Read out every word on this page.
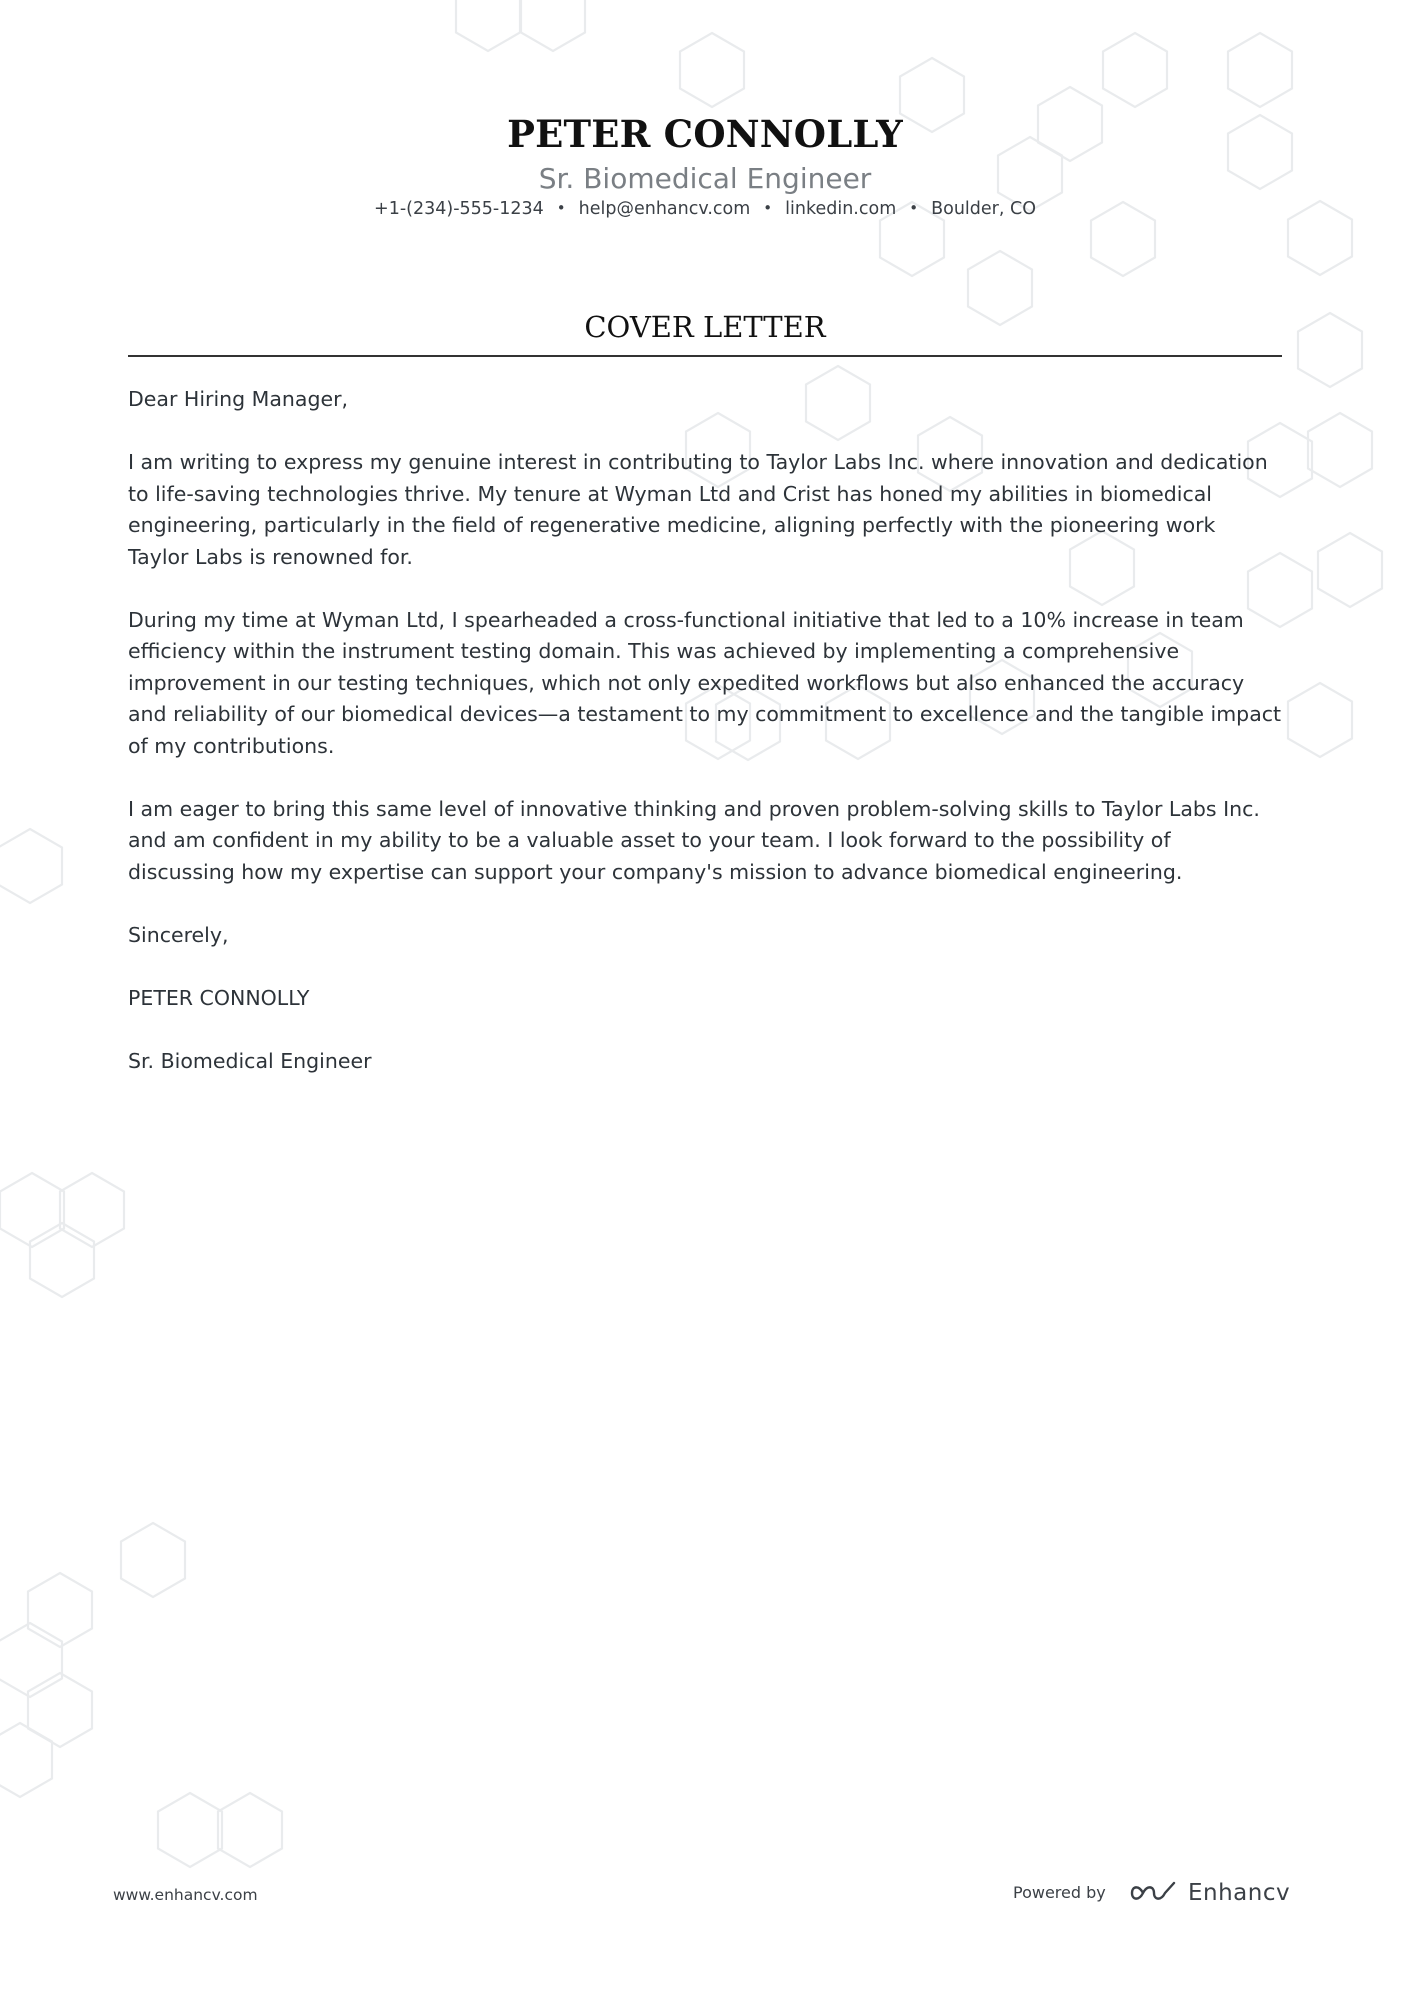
PETER CONNOLLY
Sr. Biomedical Engineer
+1-(234)-555-1234 • help@enhancv.com • linkedin.com • Boulder, CO
COVER LETTER

Dear Hiring Manager,

I am writing to express my genuine interest in contributing to Taylor Labs Inc. where innovation and dedication to life-saving technologies thrive. My tenure at Wyman Ltd and Crist has honed my abilities in biomedical engineering, particularly in the field of regenerative medicine, aligning perfectly with the pioneering work Taylor Labs is renowned for.

During my time at Wyman Ltd, I spearheaded a cross-functional initiative that led to a 10% increase in team efficiency within the instrument testing domain. This was achieved by implementing a comprehensive improvement in our testing techniques, which not only expedited workflows but also enhanced the accuracy and reliability of our biomedical devices—a testament to my commitment to excellence and the tangible impact of my contributions.

I am eager to bring this same level of innovative thinking and proven problem-solving skills to Taylor Labs Inc. and am confident in my ability to be a valuable asset to your team. I look forward to the possibility of discussing how my expertise can support your company's mission to advance biomedical engineering.

Sincerely,

PETER CONNOLLY

Sr. Biomedical Engineer

www.enhancv.com	Powered by	Enhancv
